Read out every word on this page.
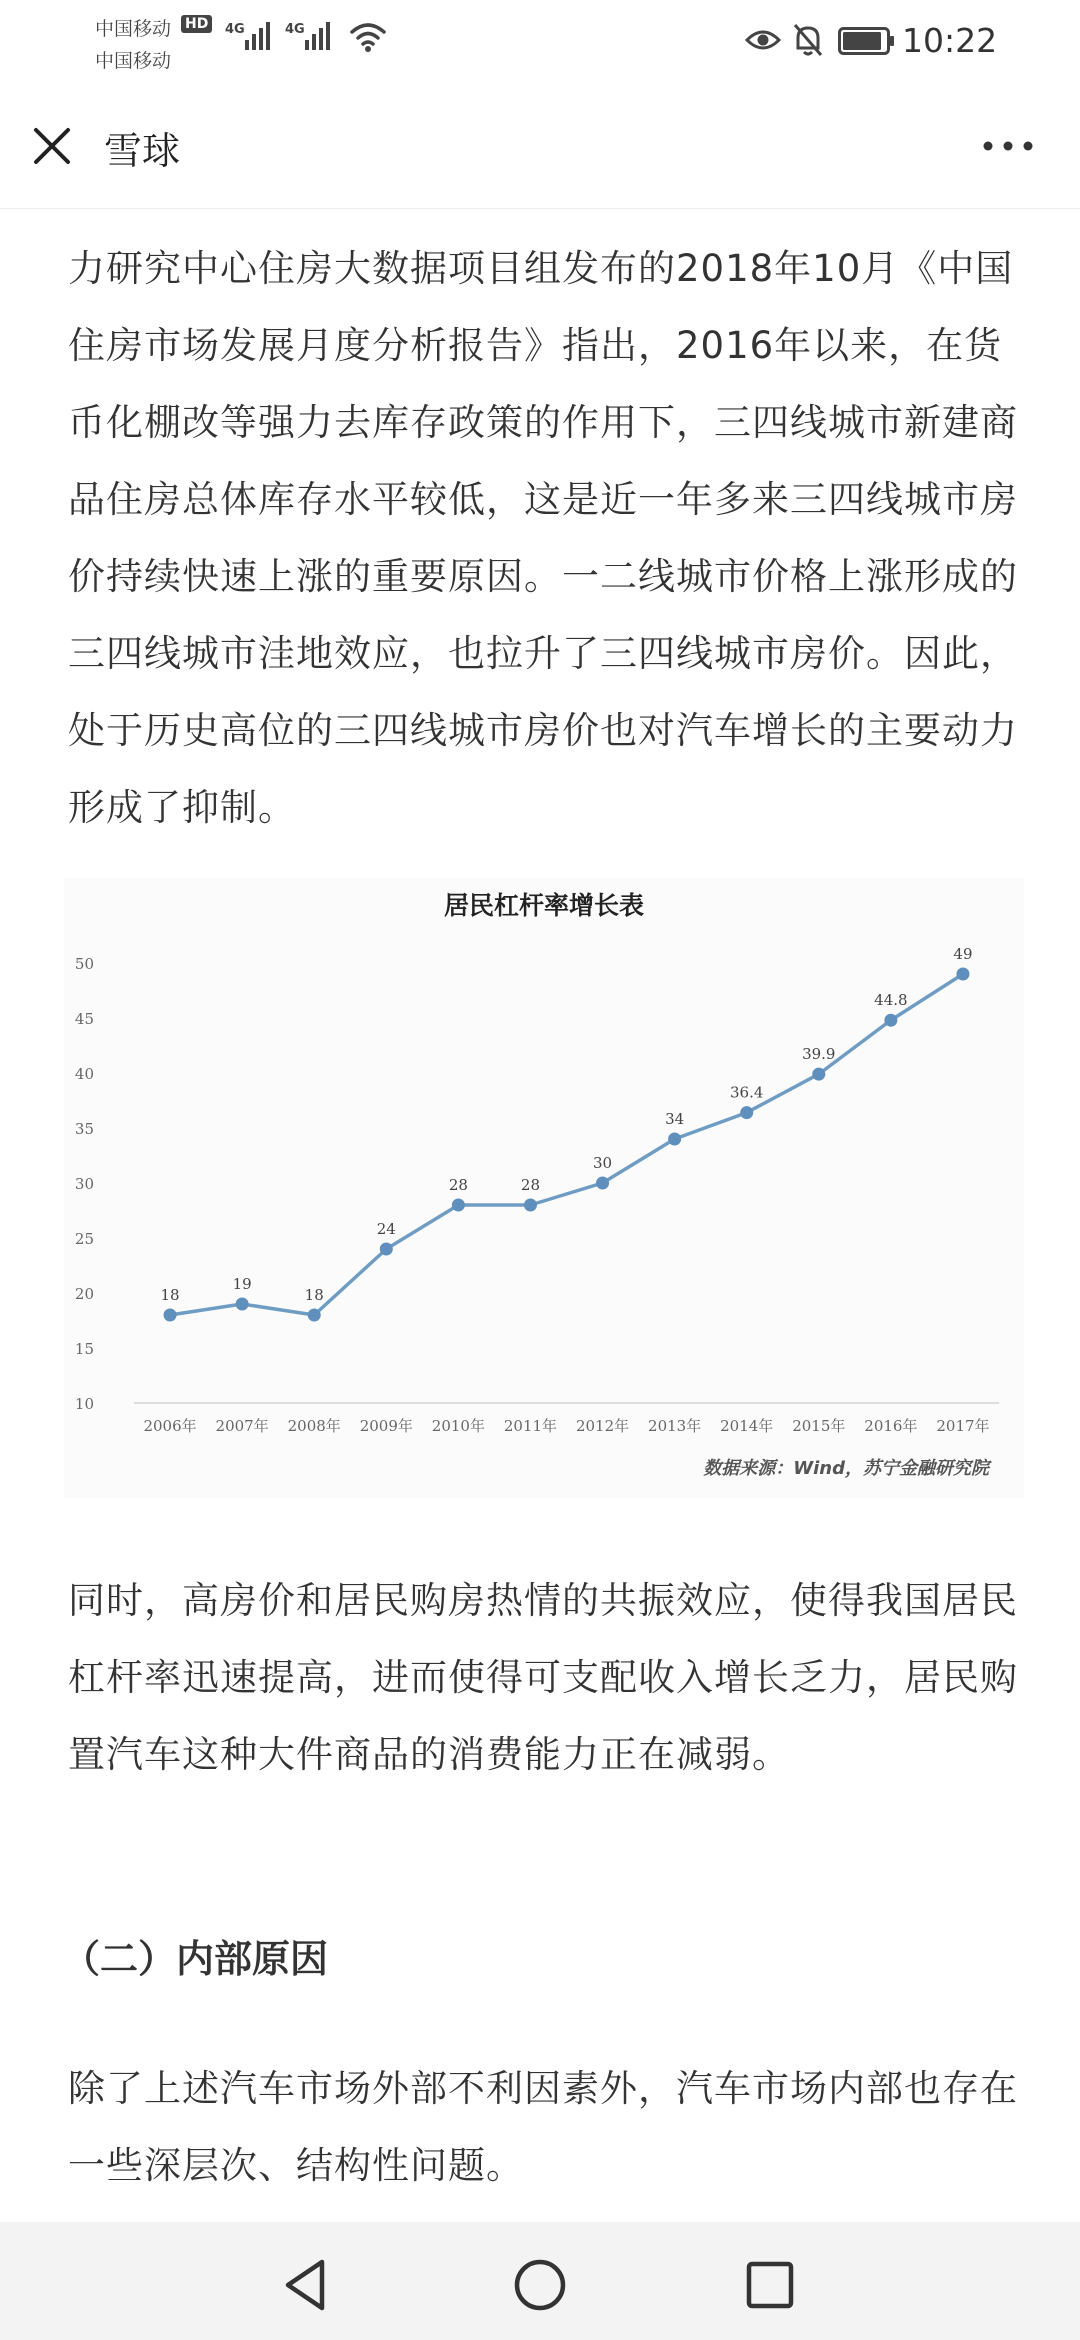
中国移动
中国移动
HD	4G	4G	10:22
雪球

力研究中心住房大数据项目组发布的2018年10月《中国住房市场发展月度分析报告》指出，2016年以来，在货币化棚改等强力去库存政策的作用下，三四线城市新建商品住房总体库存水平较低，这是近一年多来三四线城市房价持续快速上涨的重要原因。一二线城市价格上涨形成的三四线城市洼地效应，也拉升了三四线城市房价。因此，处于历史高位的三四线城市房价也对汽车增长的主要动力形成了抑制。

居民杠杆率增长表
10
15
20
25
30
35
40
45
50
2006年 2007年 2008年 2009年 2010年 2011年 2012年 2013年 2014年 2015年 2016年 2017年
18
19
18
24
28	28
30
34
36.4
39.9
44.8
49
数据来源：Wind，苏宁金融研究院

同时，高房价和居民购房热情的共振效应，使得我国居民杠杆率迅速提高，进而使得可支配收入增长乏力，居民购置汽车这种大件商品的消费能力正在减弱。

（二）内部原因

除了上述汽车市场外部不利因素外，汽车市场内部也存在一些深层次、结构性问题。
